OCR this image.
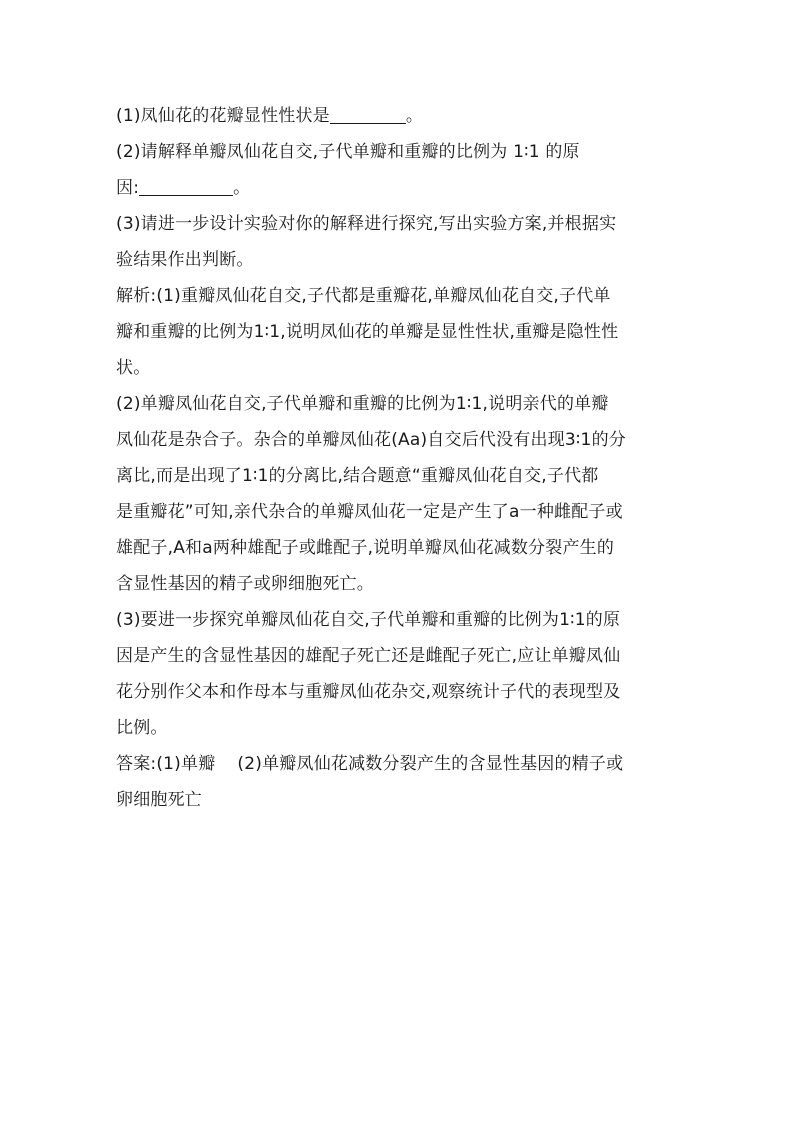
(1)凤仙花的花瓣显性性状是	。
(2)请解释单瓣凤仙花自交,子代单瓣和重瓣的比例为 1∶1 的原
因:	。
(3)请进一步设计实验对你的解释进行探究,写出实验方案,并根据实
验结果作出判断。
解析:(1)重瓣凤仙花自交,子代都是重瓣花,单瓣凤仙花自交,子代单
瓣和重瓣的比例为1∶1,说明凤仙花的单瓣是显性性状,重瓣是隐性性
状。
(2)单瓣凤仙花自交,子代单瓣和重瓣的比例为1∶1,说明亲代的单瓣
凤仙花是杂合子。杂合的单瓣凤仙花(Aa)自交后代没有出现3∶1的分
离比,而是出现了1∶1的分离比,结合题意“重瓣凤仙花自交,子代都
是重瓣花”可知,亲代杂合的单瓣凤仙花一定是产生了a一种雌配子或
雄配子,A和a两种雄配子或雌配子,说明单瓣凤仙花减数分裂产生的
含显性基因的精子或卵细胞死亡。
(3)要进一步探究单瓣凤仙花自交,子代单瓣和重瓣的比例为1∶1的原
因是产生的含显性基因的雄配子死亡还是雌配子死亡,应让单瓣凤仙
花分别作父本和作母本与重瓣凤仙花杂交,观察统计子代的表现型及
比例。
答案:(1)单瓣 (2)单瓣凤仙花减数分裂产生的含显性基因的精子或
卵细胞死亡
